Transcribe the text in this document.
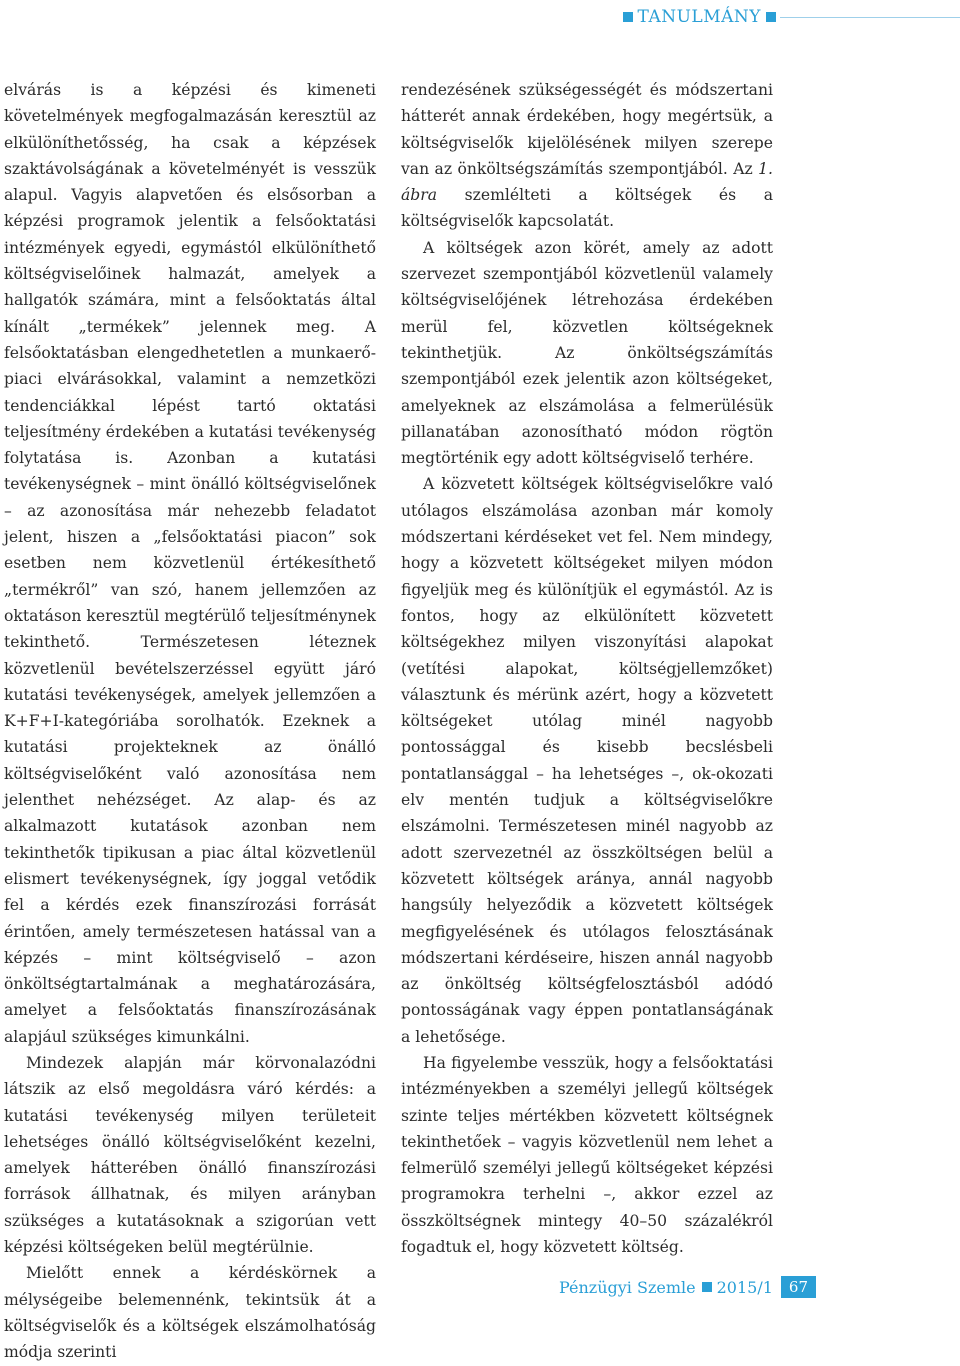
TANULMÁNY

elvárás is a képzési és kimeneti követelmények megfogalmazásán keresztül az elkülöníthetősség, ha csak a képzések szaktávolságának a követelményét is vesszük alapul. Vagyis alapvetően és elsősorban a képzési programok jelentik a felsőoktatási intézmények egyedi, egymástól elkülöníthető költségviselőinek halmazát, amelyek a hallgatók számára, mint a felsőoktatás által kínált „termékek” jelennek meg. A felsőoktatásban elengedhetetlen a munkaerő-piaci elvárásokkal, valamint a nemzetközi tendenciákkal lépést tartó oktatási teljesítmény érdekében a kutatási tevékenység folytatása is. Azonban a kutatási tevékenységnek – mint önálló költségviselőnek – az azonosítása már nehezebb feladatot jelent, hiszen a „felsőoktatási piacon” sok esetben nem közvetlenül értékesíthető „termékről” van szó, hanem jellemzően az oktatáson keresztül megtérülő teljesítménynek tekinthető. Természetesen léteznek közvetlenül bevételszerzéssel együtt járó kutatási tevékenységek, amelyek jellemzően a K+F+I-kategóriába sorolhatók. Ezeknek a kutatási projekteknek az önálló költségviselőként való azonosítása nem jelenthet nehézséget. Az alap- és az alkalmazott kutatások azonban nem tekinthetők tipikusan a piac által közvetlenül elismert tevékenységnek, így joggal vetődik fel a kérdés ezek finanszírozási forrását érintően, amely természetesen hatással van a képzés – mint költségviselő – azon önköltségtartalmának a meghatározására, amelyet a felsőoktatás finanszírozásának alapjául szükséges kimunkálni.

Mindezek alapján már körvonalazódni látszik az első megoldásra váró kérdés: a kutatási tevékenység milyen területeit lehetséges önálló költségviselőként kezelni, amelyek hátterében önálló finanszírozási források állhatnak, és milyen arányban szükséges a kutatásoknak a szigorúan vett képzési költségeken belül megtérülnie.

Mielőtt ennek a kérdéskörnek a mélységeibe belemennénk, tekintsük át a költségviselők és a költségek elszámolhatóság módja szerinti

rendezésének szükségességét és módszertani hátterét annak érdekében, hogy megértsük, a költségviselők kijelölésének milyen szerepe van az önköltségszámítás szempontjából. Az 1. ábra szemlélteti a költségek és a költségviselők kapcsolatát.

A költségek azon körét, amely az adott szervezet szempontjából közvetlenül valamely költségviselőjének létrehozása érdekében merül fel, közvetlen költségeknek tekinthetjük. Az önköltségszámítás szempontjából ezek jelentik azon költségeket, amelyeknek az elszámolása a felmerülésük pillanatában azonosítható módon rögtön megtörténik egy adott költségviselő terhére.

A közvetett költségek költségviselőkre való utólagos elszámolása azonban már komoly módszertani kérdéseket vet fel. Nem mindegy, hogy a közvetett költségeket milyen módon figyeljük meg és különítjük el egymástól. Az is fontos, hogy az elkülönített közvetett költségekhez milyen viszonyítási alapokat (vetítési alapokat, költségjellemzőket) választunk és mérünk azért, hogy a közvetett költségeket utólag minél nagyobb pontossággal és kisebb becslésbeli pontatlansággal – ha lehetséges –, ok-okozati elv mentén tudjuk a költségviselőkre elszámolni. Természetesen minél nagyobb az adott szervezetnél az összköltségen belül a közvetett költségek aránya, annál nagyobb hangsúly helyeződik a közvetett költségek megfigyelésének és utólagos felosztásának módszertani kérdéseire, hiszen annál nagyobb az önköltség költségfelosztásból adódó pontosságának vagy éppen pontatlanságának a lehetősége.

Ha figyelembe vesszük, hogy a felsőoktatási intézményekben a személyi jellegű költségek szinte teljes mértékben közvetett költségnek tekinthetőek – vagyis közvetlenül nem lehet a felmerülő személyi jellegű költségeket képzési programokra terhelni –, akkor ezzel az összköltségnek mintegy 40–50 százalékról fogadtuk el, hogy közvetett költség.

Pénzügyi Szemle 2015/1	67
